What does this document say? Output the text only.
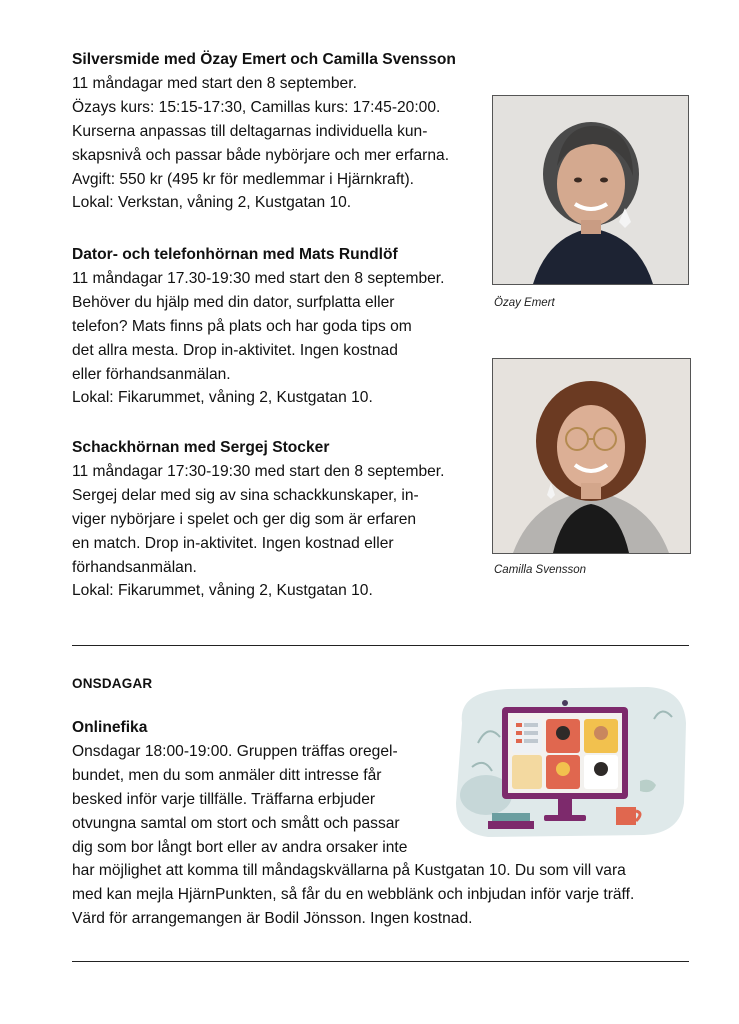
Silversmide med Özay Emert och Camilla Svensson

11 måndagar med start den 8 september.

Özays kurs: 15:15-17:30, Camillas kurs: 17:45-20:00.

Kurserna anpassas till deltagarnas individuella kun-

skapsnivå och passar både nybörjare och mer erfarna.

Avgift: 550 kr (495 kr för medlemmar i Hjärnkraft).

Lokal: Verkstan, våning 2, Kustgatan 10.

Dator- och telefonhörnan med Mats Rundlöf

11 måndagar 17.30-19:30 med start den 8 september.

Behöver du hjälp med din dator, surfplatta eller

telefon? Mats finns på plats och har goda tips om

det allra mesta. Drop in-aktivitet. Ingen kostnad

eller förhandsanmälan.

Lokal: Fikarummet, våning 2, Kustgatan 10.

Schackhörnan med Sergej Stocker

11 måndagar 17:30-19:30 med start den 8 september.

Sergej delar med sig av sina schackkunskaper, in-

viger nybörjare i spelet och ger dig som är erfaren

en match. Drop in-aktivitet. Ingen kostnad eller

förhandsanmälan.

Lokal: Fikarummet, våning 2, Kustgatan 10.

Özay Emert
Camilla Svensson
ONSDAGAR
Onlinefika

Onsdagar 18:00-19:00. Gruppen träffas oregel-

bundet, men du som anmäler ditt intresse får

besked inför varje tillfälle. Träffarna erbjuder

otvungna samtal om stort och smått och passar

dig som bor långt bort eller av andra orsaker inte

har möjlighet att komma till måndagskvällarna på Kustgatan 10. Du som vill vara

med kan mejla HjärnPunkten, så får du en webblänk och inbjudan inför varje träff.

Värd för arrangemangen är Bodil Jönsson. Ingen kostnad.
